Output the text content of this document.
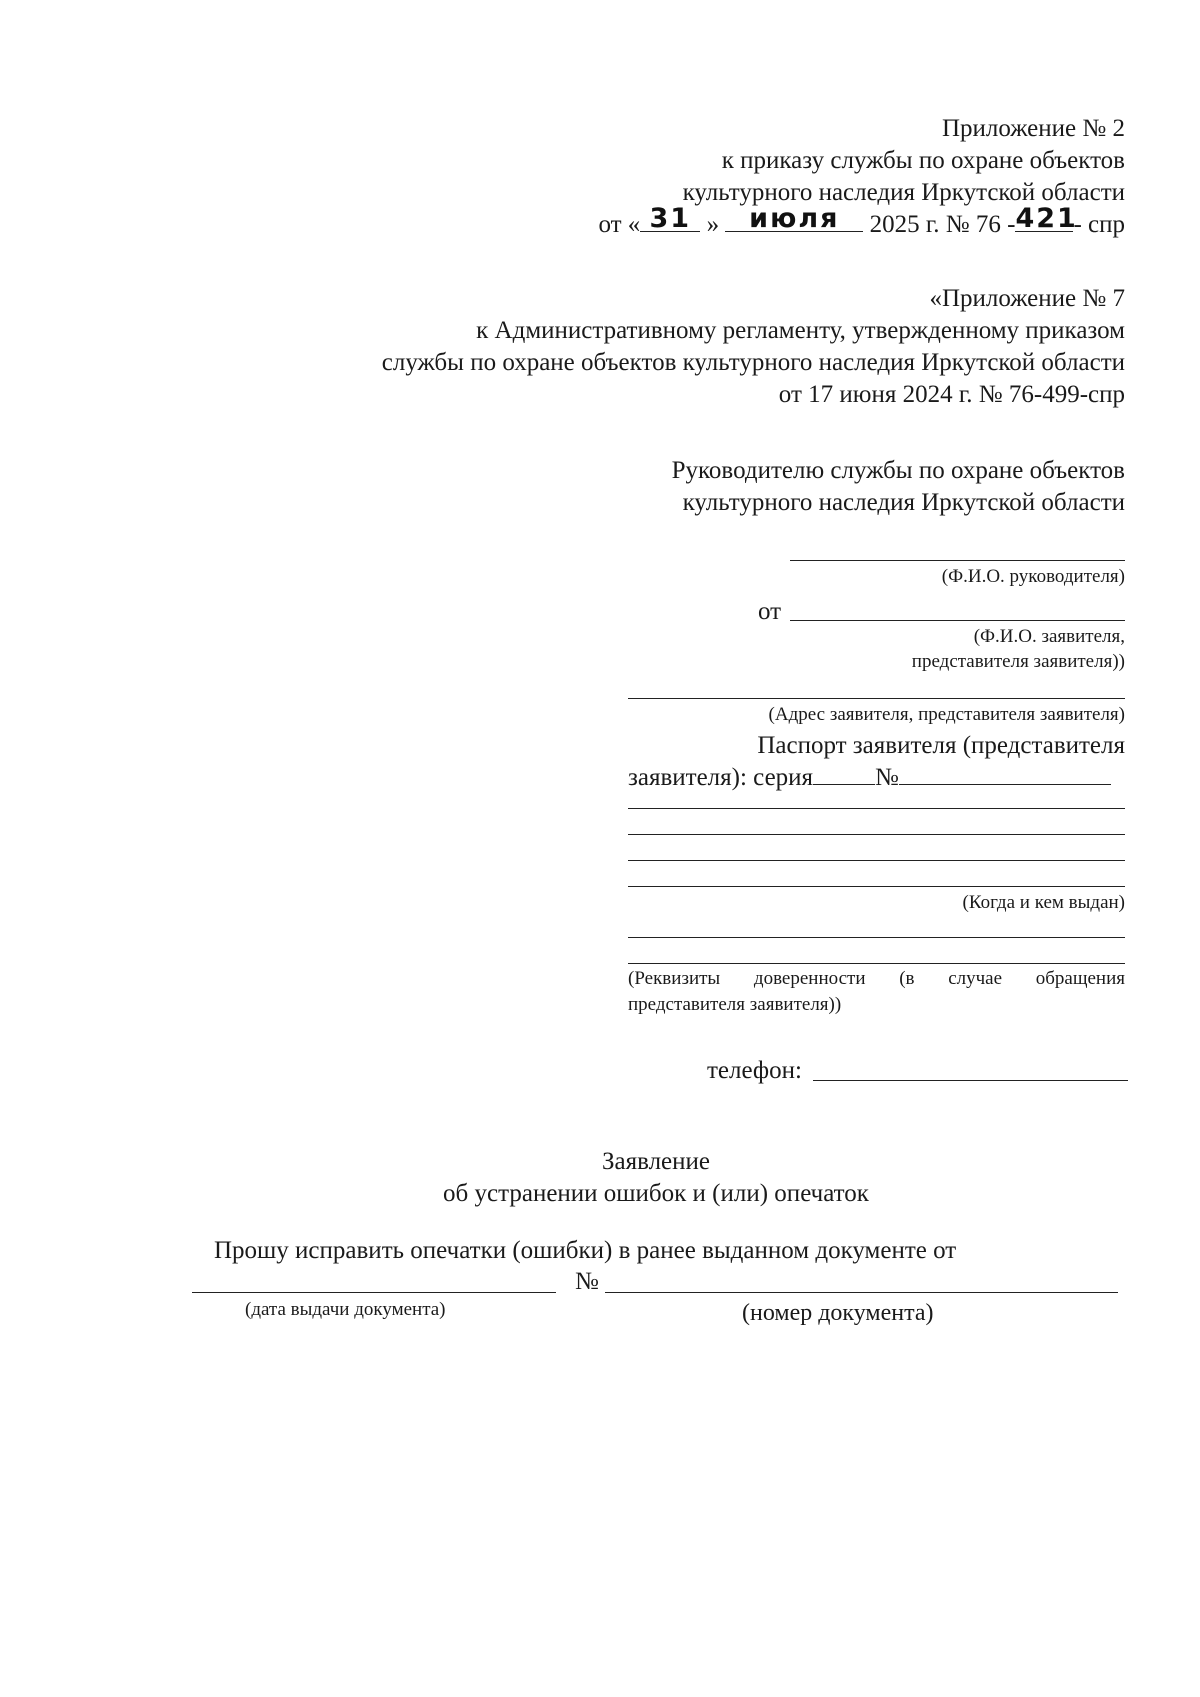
Приложение № 2
к приказу службы по охране объектов
культурного наследия Иркутской области
от « 31 »	июля	2025 г. № 76 - 421
- спр
«Приложение № 7
к Административному регламенту, утвержденному приказом
службы по охране объектов культурного наследия Иркутской области
от 17 июня 2024 г. № 76-499-спр
Руководителю службы по охране объектов
культурного наследия Иркутской области
(Ф.И.О. руководителя)
от
(Ф.И.О. заявителя,
представителя заявителя))
(Адрес заявителя, представителя заявителя)
Паспорт заявителя (представителя
заявителя): серия №
(Когда и кем выдан)
(Реквизиты доверенности (в случае обращения
представителя заявителя))
телефон:
Заявление
об устранении ошибок и (или) опечаток
Прошу исправить опечатки (ошибки) в ранее выданном документе от
№
(дата выдачи документа)	(номер документа)
